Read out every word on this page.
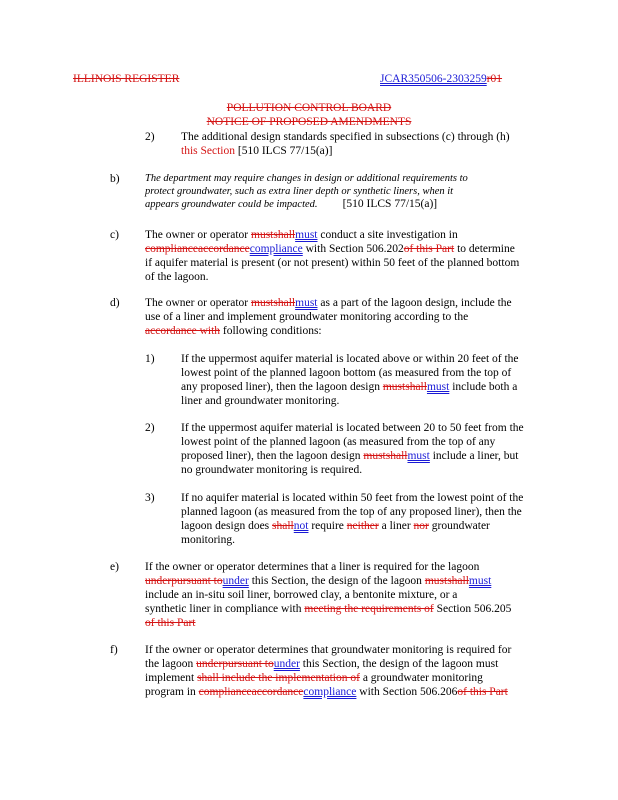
ILLINOIS REGISTER	JCAR350506-2303259r01
POLLUTION CONTROL BOARD
NOTICE OF PROPOSED AMENDMENTS
2) The additional design standards specified in subsections (c) through (h)
this Section [510 ILCS 77/15(a)]
b) The department may require changes in design or additional requirements to
protect groundwater, such as extra liner depth or synthetic liners, when it
appears groundwater could be impacted. [510 ILCS 77/15(a)]
c) The owner or operator mustshallmust conduct a site investigation in
complianceaccordancecompliance with Section 506.202of this Part to determine
if aquifer material is present (or not present) within 50 feet of the planned bottom
of the lagoon.
d) The owner or operator mustshallmust as a part of the lagoon design, include the
use of a liner and implement groundwater monitoring according to the
accordance with following conditions:
1) If the uppermost aquifer material is located above or within 20 feet of the
lowest point of the planned lagoon bottom (as measured from the top of
any proposed liner), then the lagoon design mustshallmust include both a
liner and groundwater monitoring.
2) If the uppermost aquifer material is located between 20 to 50 feet from the
lowest point of the planned lagoon (as measured from the top of any
proposed liner), then the lagoon design mustshallmust include a liner, but
no groundwater monitoring is required.
3) If no aquifer material is located within 50 feet from the lowest point of the
planned lagoon (as measured from the top of any proposed liner), then the
lagoon design does shallnot require neither a liner nor groundwater
monitoring.
e) If the owner or operator determines that a liner is required for the lagoon
underpursuant tounder this Section, the design of the lagoon mustshallmust
include an in-situ soil liner, borrowed clay, a bentonite mixture, or a
synthetic liner in compliance with meeting the requirements of Section 506.205
of this Part
f) If the owner or operator determines that groundwater monitoring is required for
the lagoon underpursuant tounder this Section, the design of the lagoon must
implement shall include the implementation of a groundwater monitoring
program in complianceaccordancecompliance with Section 506.206of this Part
